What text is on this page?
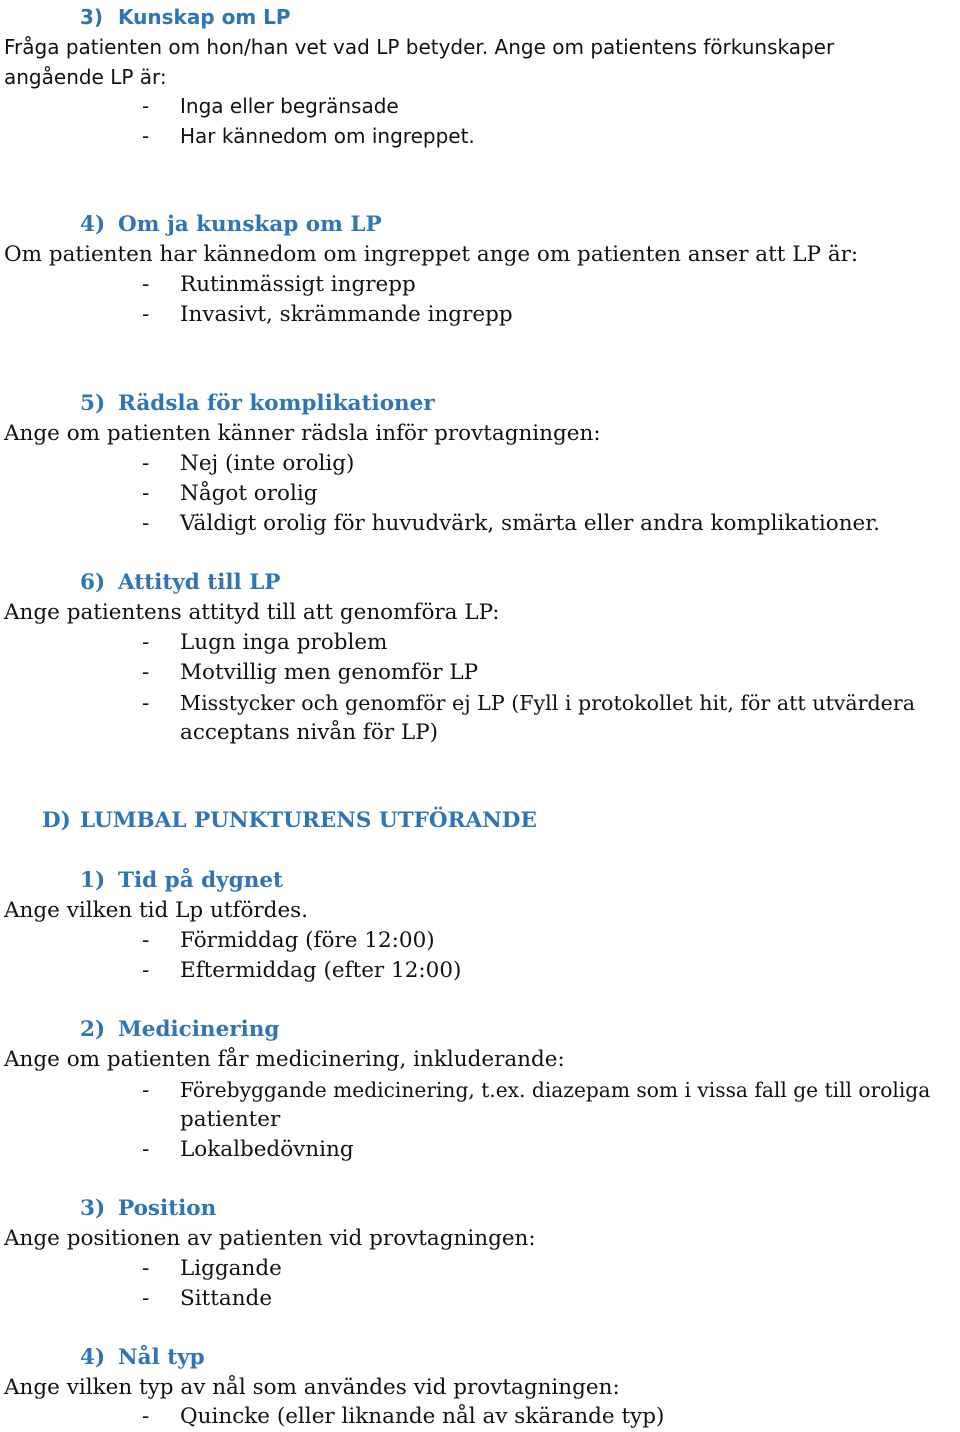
3) Kunskap om LP
Fråga patienten om hon/han vet vad LP betyder. Ange om patientens förkunskaper
angående LP är:
- Inga eller begränsade
- Har kännedom om ingreppet.
4) Om ja kunskap om LP
Om patienten har kännedom om ingreppet ange om patienten anser att LP är:
- Rutinmässigt ingrepp
- Invasivt, skrämmande ingrepp
5) Rädsla för komplikationer
Ange om patienten känner rädsla inför provtagningen:
- Nej (inte orolig)
- Något orolig
- Väldigt orolig för huvudvärk, smärta eller andra komplikationer.
6) Attityd till LP
Ange patientens attityd till att genomföra LP:
- Lugn inga problem
- Motvillig men genomför LP
- Misstycker och genomför ej LP (Fyll i protokollet hit, för att utvärdera
acceptans nivån för LP)
D) LUMBAL PUNKTURENS UTFÖRANDE
1) Tid på dygnet
Ange vilken tid Lp utfördes.
- Förmiddag (före 12:00)
- Eftermiddag (efter 12:00)
2) Medicinering
Ange om patienten får medicinering, inkluderande:
- Förebyggande medicinering, t.ex. diazepam som i vissa fall ge till oroliga
patienter
- Lokalbedövning
3) Position
Ange positionen av patienten vid provtagningen:
- Liggande
- Sittande
4) Nål typ
Ange vilken typ av nål som användes vid provtagningen:
- Quincke (eller liknande nål av skärande typ)
